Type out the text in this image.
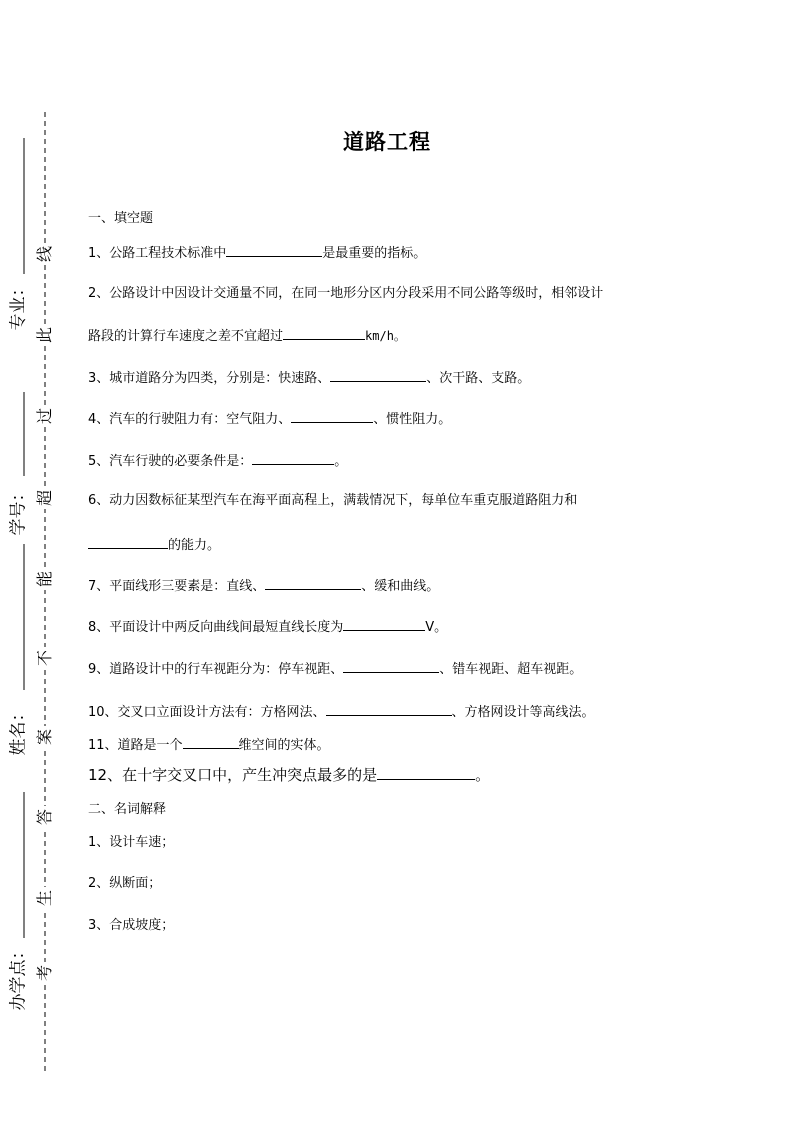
专业：
学号：
姓名：
办学点：
线
此
过
超
能
不
案
答
生
考
道路工程
一、填空题
1、公路工程技术标准中	是最重要的指标。
2、公路设计中因设计交通量不同，在同一地形分区内分段采用不同公路等级时，相邻设计
路段的计算行车速度之差不宜超过	km/h。
3、城市道路分为四类，分别是：快速路、	、次干路、支路。
4、汽车的行驶阻力有：空气阻力、	、惯性阻力。
5、汽车行驶的必要条件是：	。
6、动力因数标征某型汽车在海平面高程上，满载情况下，每单位车重克服道路阻力和
的能力。
7、平面线形三要素是：直线、	、缓和曲线。
8、平面设计中两反向曲线间最短直线长度为	V。
9、道路设计中的行车视距分为：停车视距、	、错车视距、超车视距。
10、交叉口立面设计方法有：方格网法、	、方格网设计等高线法。
11、道路是一个	维空间的实体。
12、在十字交叉口中，产生冲突点最多的是	。
二、名词解释
1、设计车速；
2、纵断面；
3、合成坡度；
